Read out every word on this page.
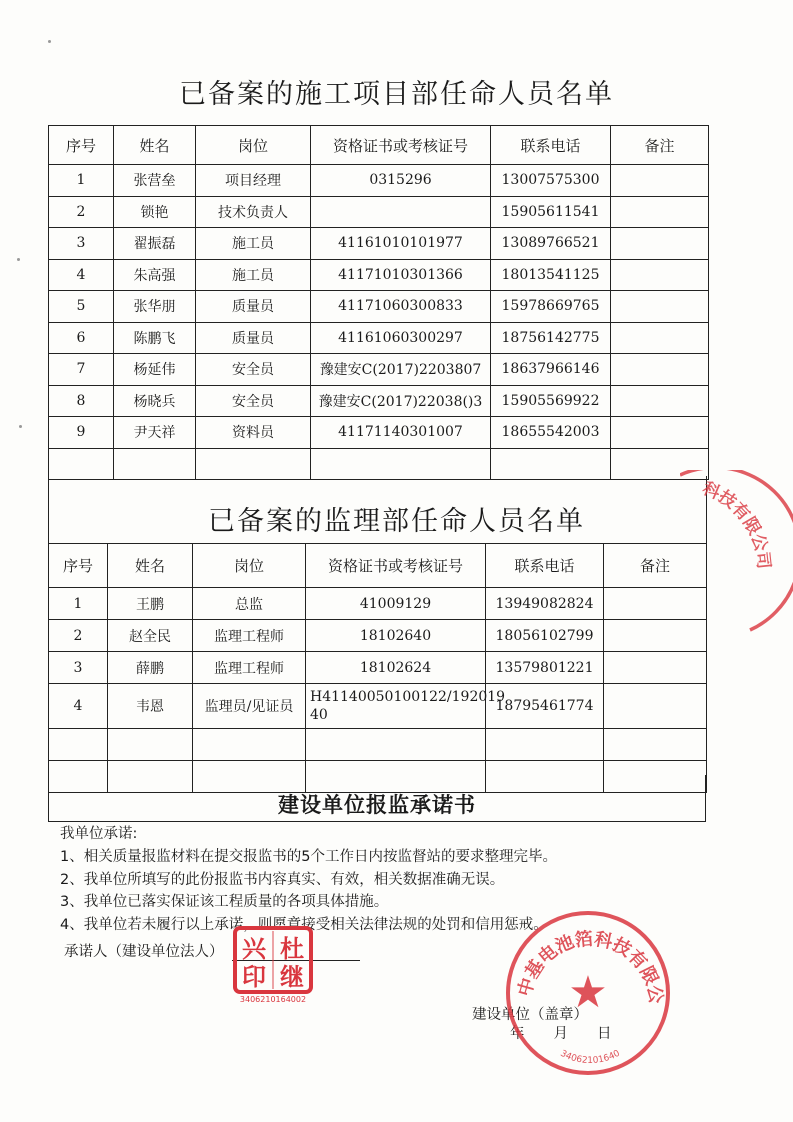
已备案的施工项目部任命人员名单
序号	姓名	岗位	资格证书或考核证号	联系电话	备注
1	张营垒	项目经理	0315296	13007575300	
2	锁艳	技术负责人		15905611541	
3	翟振磊	施工员	41161010101977	13089766521	
4	朱高强	施工员	41171010301366	18013541125	
5	张华朋	质量员	41171060300833	15978669765	
6	陈鹏飞	质量员	41161060300297	18756142775	
7	杨延伟	安全员	豫建安C(2017)2203807	18637966146	
8	杨晓兵	安全员	豫建安C(2017)22038()3	15905569922	
9	尹天祥	资料员	41171140301007	18655542003	

已备案的监理部任命人员名单
序号	姓名	岗位	资格证书或考核证号	联系电话	备注
1	王鹏	总监	41009129	13949082824	
2	赵全民	监理工程师	18102640	18056102799	
3	薛鹏	监理工程师	18102624	13579801221	
4	韦恩	监理员/见证员	H41140050100122/192019 40	18795461774	

建设单位报监承诺书
我单位承诺:
1、相关质量报监材料在提交报监书的5个工作日内按监督站的要求整理完毕。
2、我单位所填写的此份报监书内容真实、有效，相关数据准确无误。
3、我单位已落实保证该工程质量的各项具体措施。
4、我单位若未履行以上承诺，则愿意接受相关法律法规的处罚和信用惩戒。
承诺人（建设单位法人）
建设单位（盖章）
年　　月　　日
兴 杜
印 继
3406210164002
中基电池箔科技有限公
★
34062101640
科技有限公司
